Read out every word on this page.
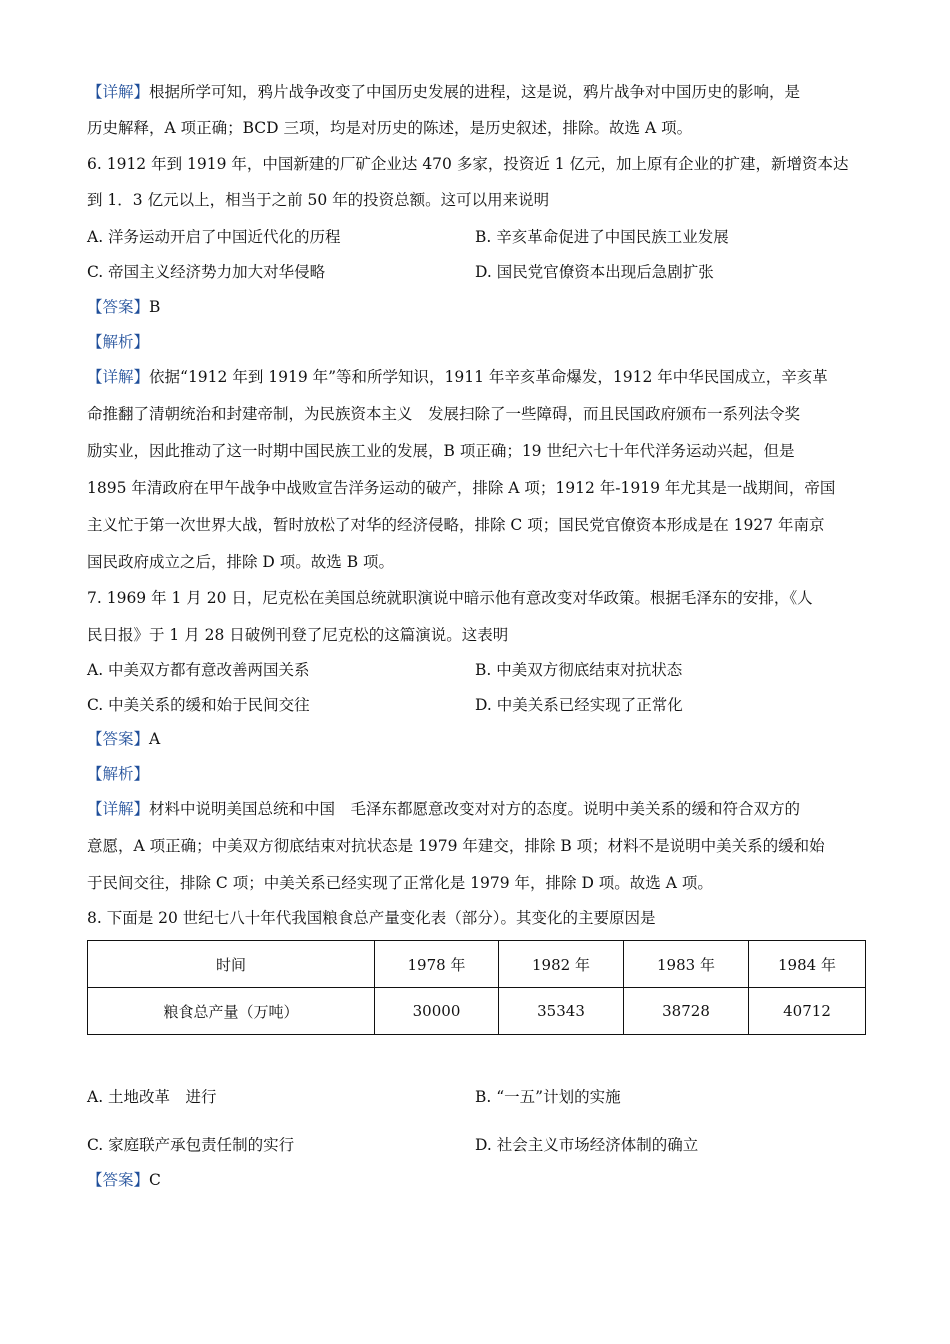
【详解】根据所学可知，鸦片战争改变了中国历史发展的进程，这是说，鸦片战争对中国历史的影响，是
历史解释，A 项正确；BCD 三项，均是对历史的陈述，是历史叙述，排除。故选 A 项。
6. 1912 年到 1919 年，中国新建的厂矿企业达 470 多家，投资近 1 亿元，加上原有企业的扩建，新增资本达
到 1．3 亿元以上，相当于之前 50 年的投资总额。这可以用来说明
A. 洋务运动开启了中国近代化的历程	B. 辛亥革命促进了中国民族工业发展
C. 帝国主义经济势力加大对华侵略	D. 国民党官僚资本出现后急剧扩张
【答案】B
【解析】
【详解】依据“1912 年到 1919 年”等和所学知识，1911 年辛亥革命爆发，1912 年中华民国成立，辛亥革
命推翻了清朝统治和封建帝制，为民族资本主义　发展扫除了一些障碍，而且民国政府颁布一系列法令奖
励实业，因此推动了这一时期中国民族工业的发展，B 项正确；19 世纪六七十年代洋务运动兴起，但是
1895 年清政府在甲午战争中战败宣告洋务运动的破产，排除 A 项；1912 年-1919 年尤其是一战期间，帝国
主义忙于第一次世界大战，暂时放松了对华的经济侵略，排除 C 项；国民党官僚资本形成是在 1927 年南京
国民政府成立之后，排除 D 项。故选 B 项。
7. 1969 年 1 月 20 日，尼克松在美国总统就职演说中暗示他有意改变对华政策。根据毛泽东的安排，《人
民日报》于 1 月 28 日破例刊登了尼克松的这篇演说。这表明
A. 中美双方都有意改善两国关系	B. 中美双方彻底结束对抗状态
C. 中美关系的缓和始于民间交往	D. 中美关系已经实现了正常化
【答案】A
【解析】
【详解】材料中说明美国总统和中国　毛泽东都愿意改变对对方的态度。说明中美关系的缓和符合双方的
意愿，A 项正确；中美双方彻底结束对抗状态是 1979 年建交，排除 B 项；材料不是说明中美关系的缓和始
于民间交往，排除 C 项；中美关系已经实现了正常化是 1979 年，排除 D 项。故选 A 项。
8. 下面是 20 世纪七八十年代我国粮食总产量变化表（部分）。其变化的主要原因是
时间	1978 年	1982 年	1983 年	1984 年
粮食总产量（万吨）	30000	35343	38728	40712
A. 土地改革　进行	B. “一五”计划的实施
C. 家庭联产承包责任制的实行	D. 社会主义市场经济体制的确立
【答案】C
